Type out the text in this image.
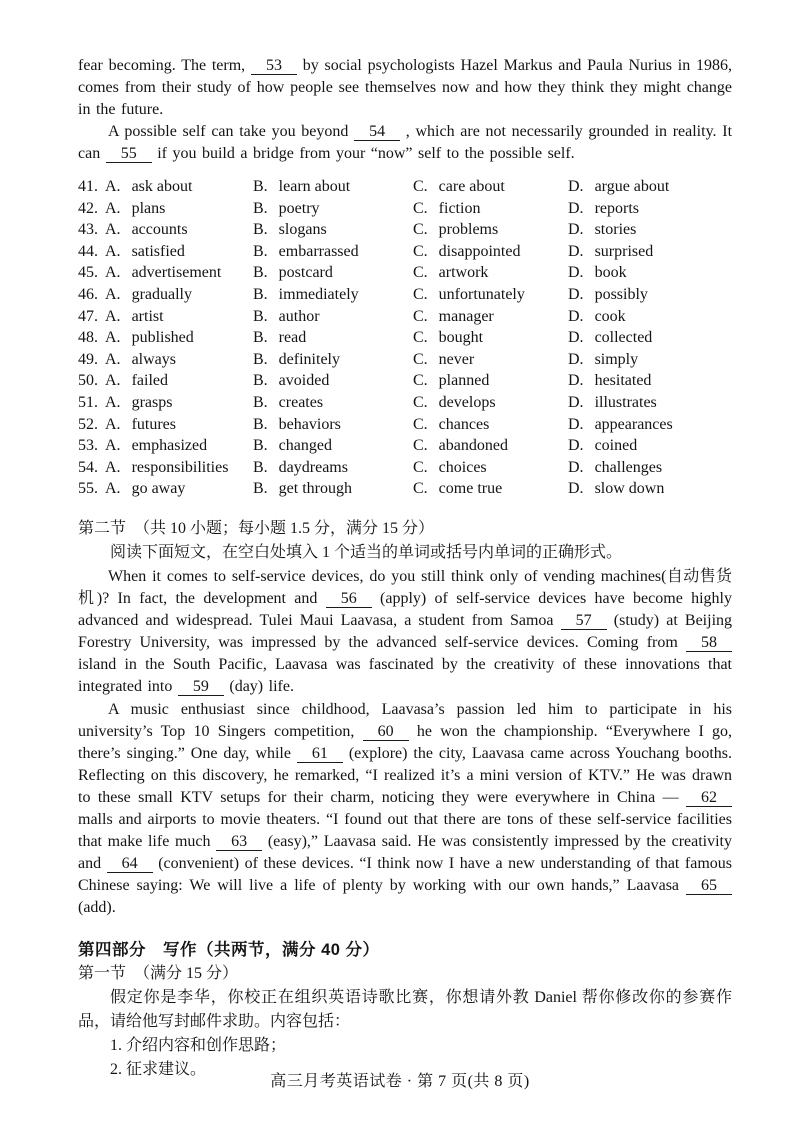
fear becoming. The term, 53 by social psychologists Hazel Markus and Paula Nurius in 1986, comes from their study of how people see themselves now and how they think they might change in the future.

A possible self can take you beyond 54 , which are not necessarily grounded in reality. It can 55 if you build a bridge from your “now” self to the possible self.

41. A. ask about	B. learn about	C. care about	D. argue about
42. A. plans	B. poetry	C. fiction	D. reports
43. A. accounts	B. slogans	C. problems	D. stories
44. A. satisfied	B. embarrassed	C. disappointed	D. surprised
45. A. advertisement	B. postcard	C. artwork	D. book
46. A. gradually	B. immediately	C. unfortunately	D. possibly
47. A. artist	B. author	C. manager	D. cook
48. A. published	B. read	C. bought	D. collected
49. A. always	B. definitely	C. never	D. simply
50. A. failed	B. avoided	C. planned	D. hesitated
51. A. grasps	B. creates	C. develops	D. illustrates
52. A. futures	B. behaviors	C. chances	D. appearances
53. A. emphasized	B. changed	C. abandoned	D. coined
54. A. responsibilities	B. daydreams	C. choices	D. challenges
55. A. go away	B. get through	C. come true	D. slow down

第二节　（共 10 小题；每小题 1.5 分，满分 15 分）

阅读下面短文，在空白处填入 1 个适当的单词或括号内单词的正确形式。

When it comes to self-service devices, do you still think only of vending machines(自动售货机)? In fact, the development and 56 (apply) of self-service devices have become highly advanced and widespread. Tulei Maui Laavasa, a student from Samoa 57 (study) at Beijing Forestry University, was impressed by the advanced self-service devices. Coming from 58 island in the South Pacific, Laavasa was fascinated by the creativity of these innovations that integrated into 59 (day) life.

A music enthusiast since childhood, Laavasa’s passion led him to participate in his university’s Top 10 Singers competition, 60 he won the championship. “Everywhere I go, there’s singing.” One day, while 61 (explore) the city, Laavasa came across Youchang booths. Reflecting on this discovery, he remarked, “I realized it’s a mini version of KTV.” He was drawn to these small KTV setups for their charm, noticing they were everywhere in China — 62 malls and airports to movie theaters. “I found out that there are tons of these self-service facilities that make life much 63 (easy),” Laavasa said. He was consistently impressed by the creativity and 64 (convenient) of these devices. “I think now I have a new understanding of that famous Chinese saying: We will live a life of plenty by working with our own hands,” Laavasa 65 (add).

第四部分　写作（共两节，满分 40 分）

第一节　（满分 15 分）

假定你是李华，你校正在组织英语诗歌比赛，你想请外教 Daniel 帮你修改你的参赛作品，请给他写封邮件求助。内容包括：

1. 介绍内容和创作思路；

2. 征求建议。

高三月考英语试卷 · 第 7 页(共 8 页)
